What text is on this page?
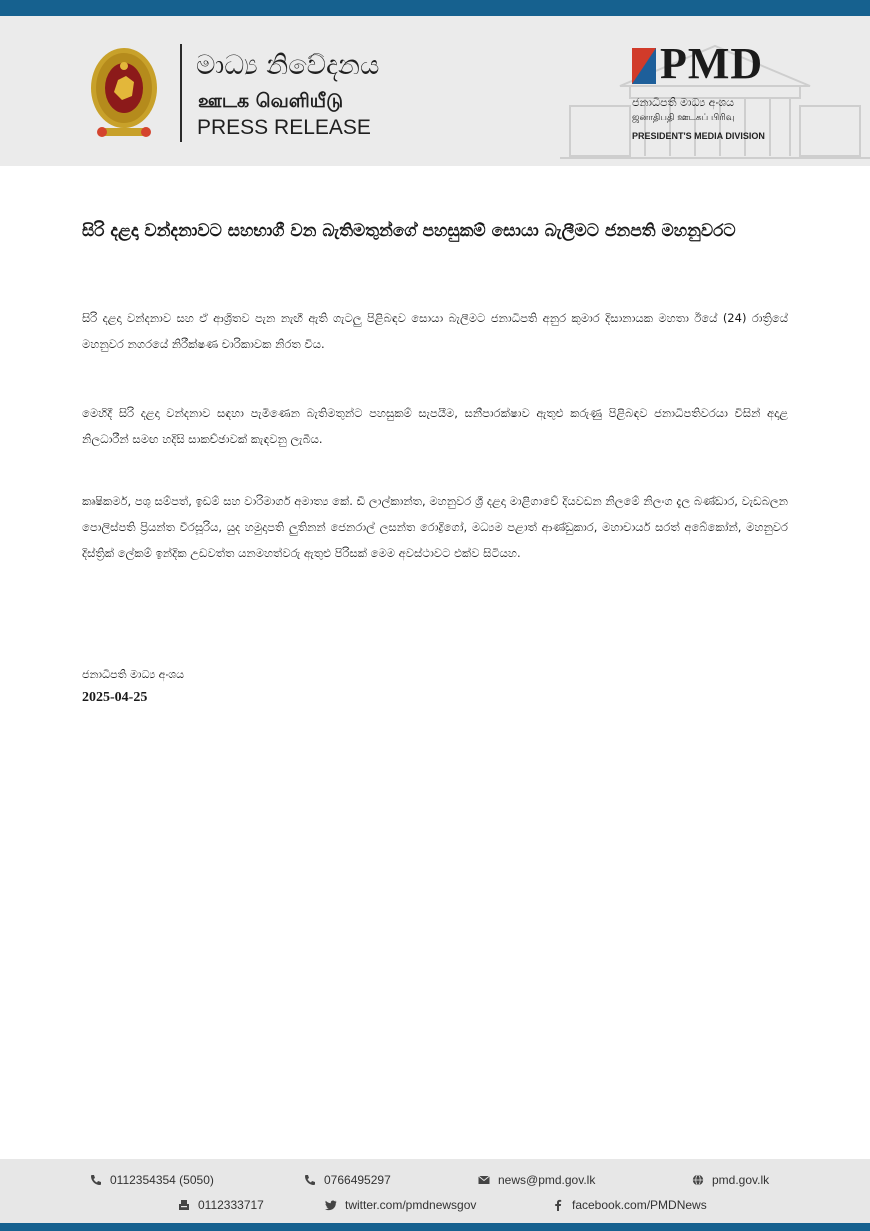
මාධ්‍ය නිවේදනය
ஊடக வெளியீடு
PRESS RELEASE
PMD
ජනාධිපති මාධ්‍ය අංශය
ஜனாதிபதி ஊடகப் பிரிவு
PRESIDENT'S MEDIA DIVISION
සිරි දළදා වන්දනාවට සහභාගී වන බැතිමතුන්ගේ පහසුකම් සොයා බැලීමට ජනපති මහනුවරට

සිරි දළදා වන්දනාව සහ ඒ ආශ්‍රිතව පැන නැඟී ඇති ගැටලු පිළිබඳව සොයා බැලීමට ජනාධිපති අනුර කුමාර දිසානායක මහතා ඊයේ (24) රාත්‍රියේ මහනුවර නගරයේ නිරීක්ෂණ චාරිකාවක නිරත විය.

මෙහිදී සිරි දළදා වන්දනාව සඳහා පැමිණෙන බැතිමතුන්ට පහසුකම් සැපයීම, සනීපාරක්ෂාව ඇතුළු කරුණු පිළිබඳව ජනාධිපතිවරයා විසින් අදාළ නිලධාරීන් සමඟ හදිසි සාකච්ඡාවක් කැඳවනු ලැබීය.

කෘෂිකර්ම, පශු සම්පත්, ඉඩම් සහ වාරිමාර්ග අමාත්‍ය කේ. ඩී ලාල්කාන්ත, මහනුවර ශ්‍රී දළදා මාළිගාවේ දියවඩන නිලමේ නිලංග දැල බණ්ඩාර, වැඩබලන පොලිස්පති ප්‍රියන්ත වීරසූරිය, යුද හමුදාපති ලුතිනන් ජෙනරාල් ලසන්ත රොද්‍රිගෝ, මධ්‍යම පළාත් ආණ්ඩුකාර, මහාචාර්ය සරත් අබේකෝන්, මහනුවර දිස්ත්‍රික් ලේකම් ඉන්දික උඩවත්ත යනමහත්වරු ඇතුළු පිරිසක් මෙම අවස්ථාවට එක්ව සිටියහ.

ජනාධිපති මාධ්‍ය අංශය
2025-04-25
0112354354 (5050)	0766495297	news@pmd.gov.lk	pmd.gov.lk
0112333717	twitter.com/pmdnewsgov	facebook.com/PMDNews
